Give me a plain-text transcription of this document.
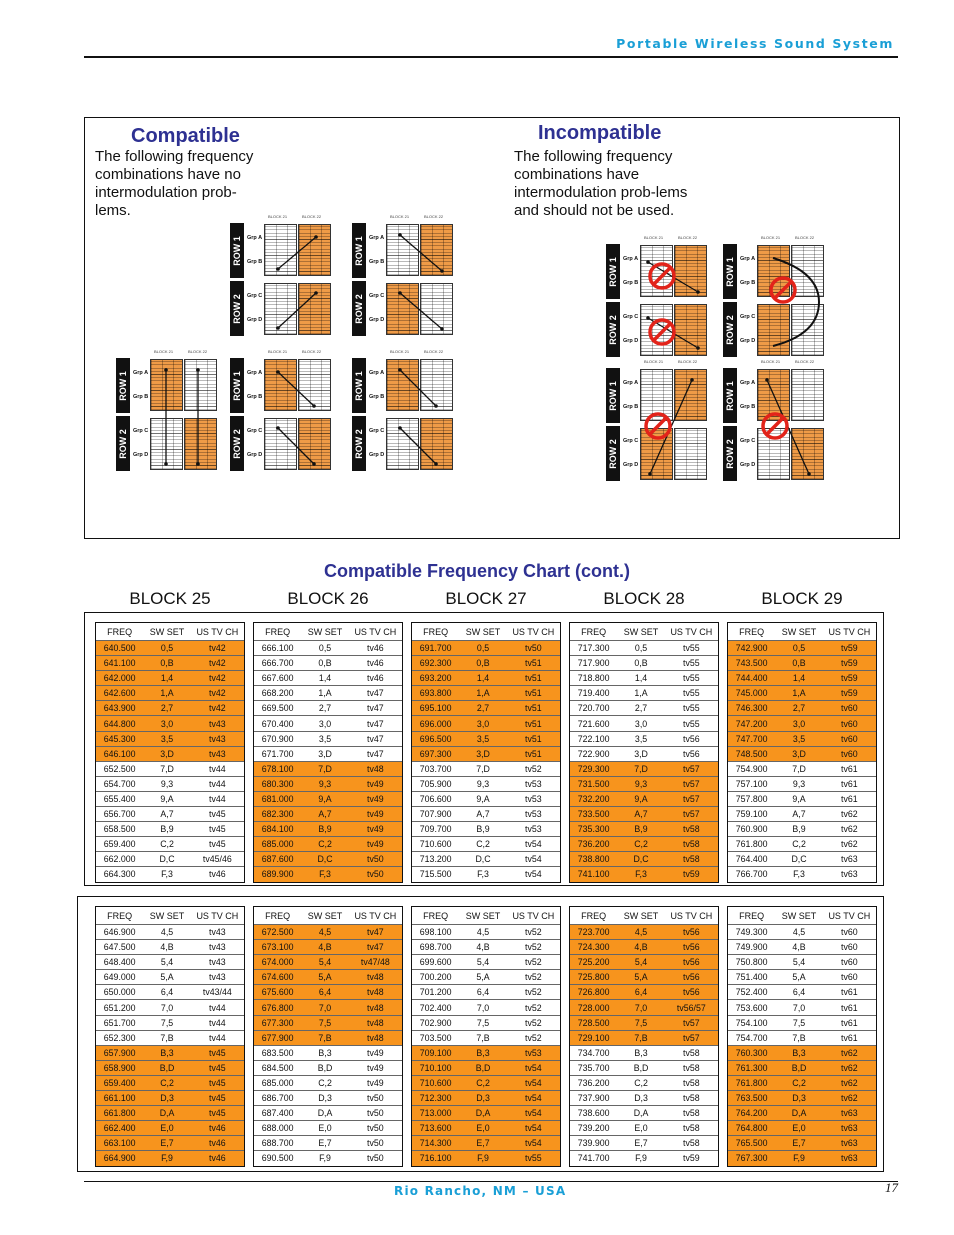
Portable Wireless Sound System
Compatible
The following frequency combinations have no intermodulation prob-lems.
Incompatible
The following frequency combinations have intermodulation prob-lems and should not be used.
ROW 1
ROW 2
Grp A
Grp B
Grp C
Grp D
BLOCK 21	BLOCK 22
ROW 1
ROW 2
Grp A
Grp B
Grp C
Grp D
BLOCK 21	BLOCK 22
ROW 1
ROW 2
Grp A
Grp B
Grp C
Grp D
BLOCK 21	BLOCK 22
ROW 1
ROW 2
Grp A
Grp B
Grp C
Grp D
BLOCK 21	BLOCK 22
ROW 1
ROW 2
Grp A
Grp B
Grp C
Grp D
BLOCK 21	BLOCK 22
ROW 1
ROW 2
Grp A
Grp B
Grp C
Grp D
BLOCK 21	BLOCK 22
ROW 1
ROW 2
Grp A
Grp B
Grp C
Grp D
BLOCK 21	BLOCK 22
ROW 1
ROW 2
Grp A
Grp B
Grp C
Grp D
BLOCK 21	BLOCK 22
ROW 1
ROW 2
Grp A
Grp B
Grp C
Grp D
BLOCK 21	BLOCK 22
Compatible Frequency Chart (cont.)
BLOCK 25	BLOCK 26	BLOCK 27	BLOCK 28	BLOCK 29
FREQ	SW SET	US TV CH
640.500	0,5	tv42
641.100	0,B	tv42
642.000	1,4	tv42
642.600	1,A	tv42
643.900	2,7	tv42
644.800	3,0	tv43
645.300	3,5	tv43
646.100	3,D	tv43
652.500	7,D	tv44
654.700	9,3	tv44
655.400	9,A	tv44
656.700	A,7	tv45
658.500	B,9	tv45
659.400	C,2	tv45
662.000	D,C	tv45/46
664.300	F,3	tv46
FREQ	SW SET	US TV CH
646.900	4,5	tv43
647.500	4,B	tv43
648.400	5,4	tv43
649.000	5,A	tv43
650.000	6,4	tv43/44
651.200	7,0	tv44
651.700	7,5	tv44
652.300	7,B	tv44
657.900	B,3	tv45
658.900	B,D	tv45
659.400	C,2	tv45
661.100	D,3	tv45
661.800	D,A	tv45
662.400	E,0	tv46
663.100	E,7	tv46
664.900	F,9	tv46
FREQ	SW SET	US TV CH
666.100	0,5	tv46
666.700	0,B	tv46
667.600	1,4	tv46
668.200	1,A	tv47
669.500	2,7	tv47
670.400	3,0	tv47
670.900	3,5	tv47
671.700	3,D	tv47
678.100	7,D	tv48
680.300	9,3	tv49
681.000	9,A	tv49
682.300	A,7	tv49
684.100	B,9	tv49
685.000	C,2	tv49
687.600	D,C	tv50
689.900	F,3	tv50
FREQ	SW SET	US TV CH
672.500	4,5	tv47
673.100	4,B	tv47
674.000	5,4	tv47/48
674.600	5,A	tv48
675.600	6,4	tv48
676.800	7,0	tv48
677.300	7,5	tv48
677.900	7,B	tv48
683.500	B,3	tv49
684.500	B,D	tv49
685.000	C,2	tv49
686.700	D,3	tv50
687.400	D,A	tv50
688.000	E,0	tv50
688.700	E,7	tv50
690.500	F,9	tv50
FREQ	SW SET	US TV CH
691.700	0,5	tv50
692.300	0,B	tv51
693.200	1,4	tv51
693.800	1,A	tv51
695.100	2,7	tv51
696.000	3,0	tv51
696.500	3,5	tv51
697.300	3,D	tv51
703.700	7,D	tv52
705.900	9,3	tv53
706.600	9,A	tv53
707.900	A,7	tv53
709.700	B,9	tv53
710.600	C,2	tv54
713.200	D,C	tv54
715.500	F,3	tv54
FREQ	SW SET	US TV CH
698.100	4,5	tv52
698.700	4,B	tv52
699.600	5,4	tv52
700.200	5,A	tv52
701.200	6,4	tv52
702.400	7,0	tv52
702.900	7,5	tv52
703.500	7,B	tv52
709.100	B,3	tv53
710.100	B,D	tv54
710.600	C,2	tv54
712.300	D,3	tv54
713.000	D,A	tv54
713.600	E,0	tv54
714.300	E,7	tv54
716.100	F,9	tv55
FREQ	SW SET	US TV CH
717.300	0,5	tv55
717.900	0,B	tv55
718.800	1,4	tv55
719.400	1,A	tv55
720.700	2,7	tv55
721.600	3,0	tv55
722.100	3,5	tv56
722.900	3,D	tv56
729.300	7,D	tv57
731.500	9,3	tv57
732.200	9,A	tv57
733.500	A,7	tv57
735.300	B,9	tv58
736.200	C,2	tv58
738.800	D,C	tv58
741.100	F,3	tv59
FREQ	SW SET	US TV CH
723.700	4,5	tv56
724.300	4,B	tv56
725.200	5,4	tv56
725.800	5,A	tv56
726.800	6,4	tv56
728.000	7,0	tv56/57
728.500	7,5	tv57
729.100	7,B	tv57
734.700	B,3	tv58
735.700	B,D	tv58
736.200	C,2	tv58
737.900	D,3	tv58
738.600	D,A	tv58
739.200	E,0	tv58
739.900	E,7	tv58
741.700	F,9	tv59
FREQ	SW SET	US TV CH
742.900	0,5	tv59
743.500	0,B	tv59
744.400	1,4	tv59
745.000	1,A	tv59
746.300	2,7	tv60
747.200	3,0	tv60
747.700	3,5	tv60
748.500	3,D	tv60
754.900	7,D	tv61
757.100	9,3	tv61
757.800	9,A	tv61
759.100	A,7	tv62
760.900	B,9	tv62
761.800	C,2	tv62
764.400	D,C	tv63
766.700	F,3	tv63
FREQ	SW SET	US TV CH
749.300	4,5	tv60
749.900	4,B	tv60
750.800	5,4	tv60
751.400	5,A	tv60
752.400	6,4	tv61
753.600	7,0	tv61
754.100	7,5	tv61
754.700	7,B	tv61
760.300	B,3	tv62
761.300	B,D	tv62
761.800	C,2	tv62
763.500	D,3	tv62
764.200	D,A	tv63
764.800	E,0	tv63
765.500	E,7	tv63
767.300	F,9	tv63
Rio Rancho, NM – USA	17
